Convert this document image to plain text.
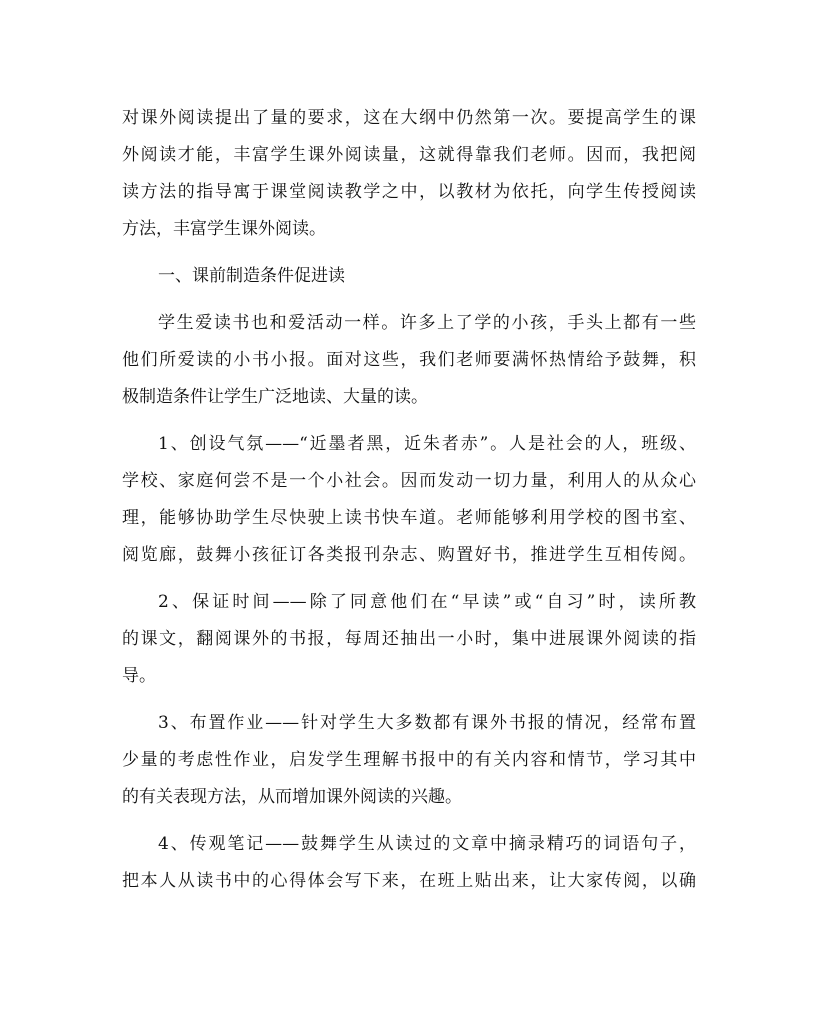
对课外阅读提出了量的要求，这在大纲中仍然第一次。要提高学生的课
外阅读才能，丰富学生课外阅读量，这就得靠我们老师。因而，我把阅
读方法的指导寓于课堂阅读教学之中，以教材为依托，向学生传授阅读
方法，丰富学生课外阅读。
一、课前制造条件促进读
学生爱读书也和爱活动一样。许多上了学的小孩，手头上都有一些
他们所爱读的小书小报。面对这些，我们老师要满怀热情给予鼓舞，积
极制造条件让学生广泛地读、大量的读。
1、创设气氛——“近墨者黑，近朱者赤”。人是社会的人，班级、
学校、家庭何尝不是一个小社会。因而发动一切力量，利用人的从众心
理，能够协助学生尽快驶上读书快车道。老师能够利用学校的图书室、
阅览廊，鼓舞小孩征订各类报刊杂志、购置好书，推进学生互相传阅。
2、保证时间——除了同意他们在“早读”或“自习”时，读所教
的课文，翻阅课外的书报，每周还抽出一小时，集中进展课外阅读的指
导。
3、布置作业——针对学生大多数都有课外书报的情况，经常布置
少量的考虑性作业，启发学生理解书报中的有关内容和情节，学习其中
的有关表现方法，从而增加课外阅读的兴趣。
4、传观笔记——鼓舞学生从读过的文章中摘录精巧的词语句子，
把本人从读书中的心得体会写下来，在班上贴出来，让大家传阅，以确
